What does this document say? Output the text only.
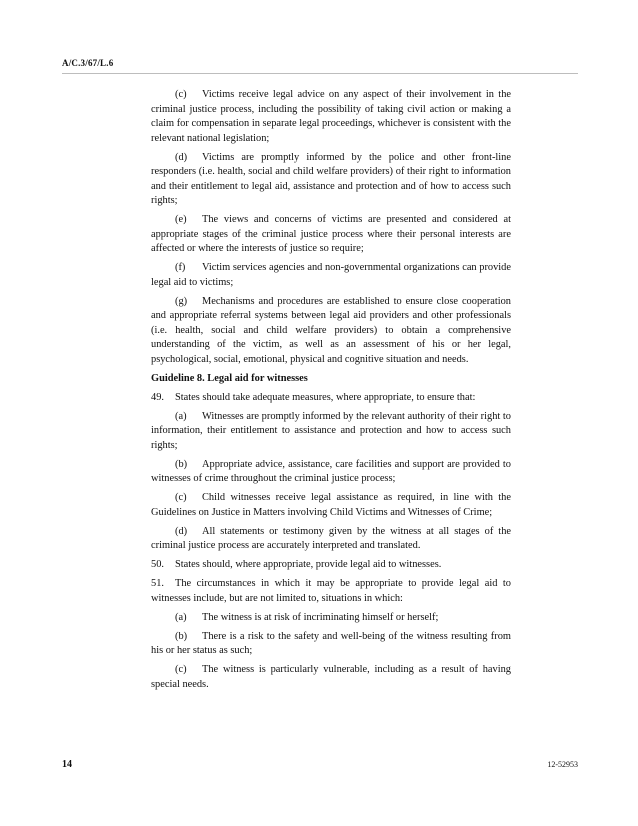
A/C.3/67/L.6

(c) Victims receive legal advice on any aspect of their involvement in the criminal justice process, including the possibility of taking civil action or making a claim for compensation in separate legal proceedings, whichever is consistent with the relevant national legislation;

(d) Victims are promptly informed by the police and other front-line responders (i.e. health, social and child welfare providers) of their right to information and their entitlement to legal aid, assistance and protection and of how to access such rights;

(e) The views and concerns of victims are presented and considered at appropriate stages of the criminal justice process where their personal interests are affected or where the interests of justice so require;

(f) Victim services agencies and non-governmental organizations can provide legal aid to victims;

(g) Mechanisms and procedures are established to ensure close cooperation and appropriate referral systems between legal aid providers and other professionals (i.e. health, social and child welfare providers) to obtain a comprehensive understanding of the victim, as well as an assessment of his or her legal, psychological, social, emotional, physical and cognitive situation and needs.

Guideline 8. Legal aid for witnesses

49. States should take adequate measures, where appropriate, to ensure that:

(a) Witnesses are promptly informed by the relevant authority of their right to information, their entitlement to assistance and protection and how to access such rights;

(b) Appropriate advice, assistance, care facilities and support are provided to witnesses of crime throughout the criminal justice process;

(c) Child witnesses receive legal assistance as required, in line with the Guidelines on Justice in Matters involving Child Victims and Witnesses of Crime;

(d) All statements or testimony given by the witness at all stages of the criminal justice process are accurately interpreted and translated.

50. States should, where appropriate, provide legal aid to witnesses.

51. The circumstances in which it may be appropriate to provide legal aid to witnesses include, but are not limited to, situations in which:

(a) The witness is at risk of incriminating himself or herself;

(b) There is a risk to the safety and well-being of the witness resulting from his or her status as such;

(c) The witness is particularly vulnerable, including as a result of having special needs.

14	12-52953
